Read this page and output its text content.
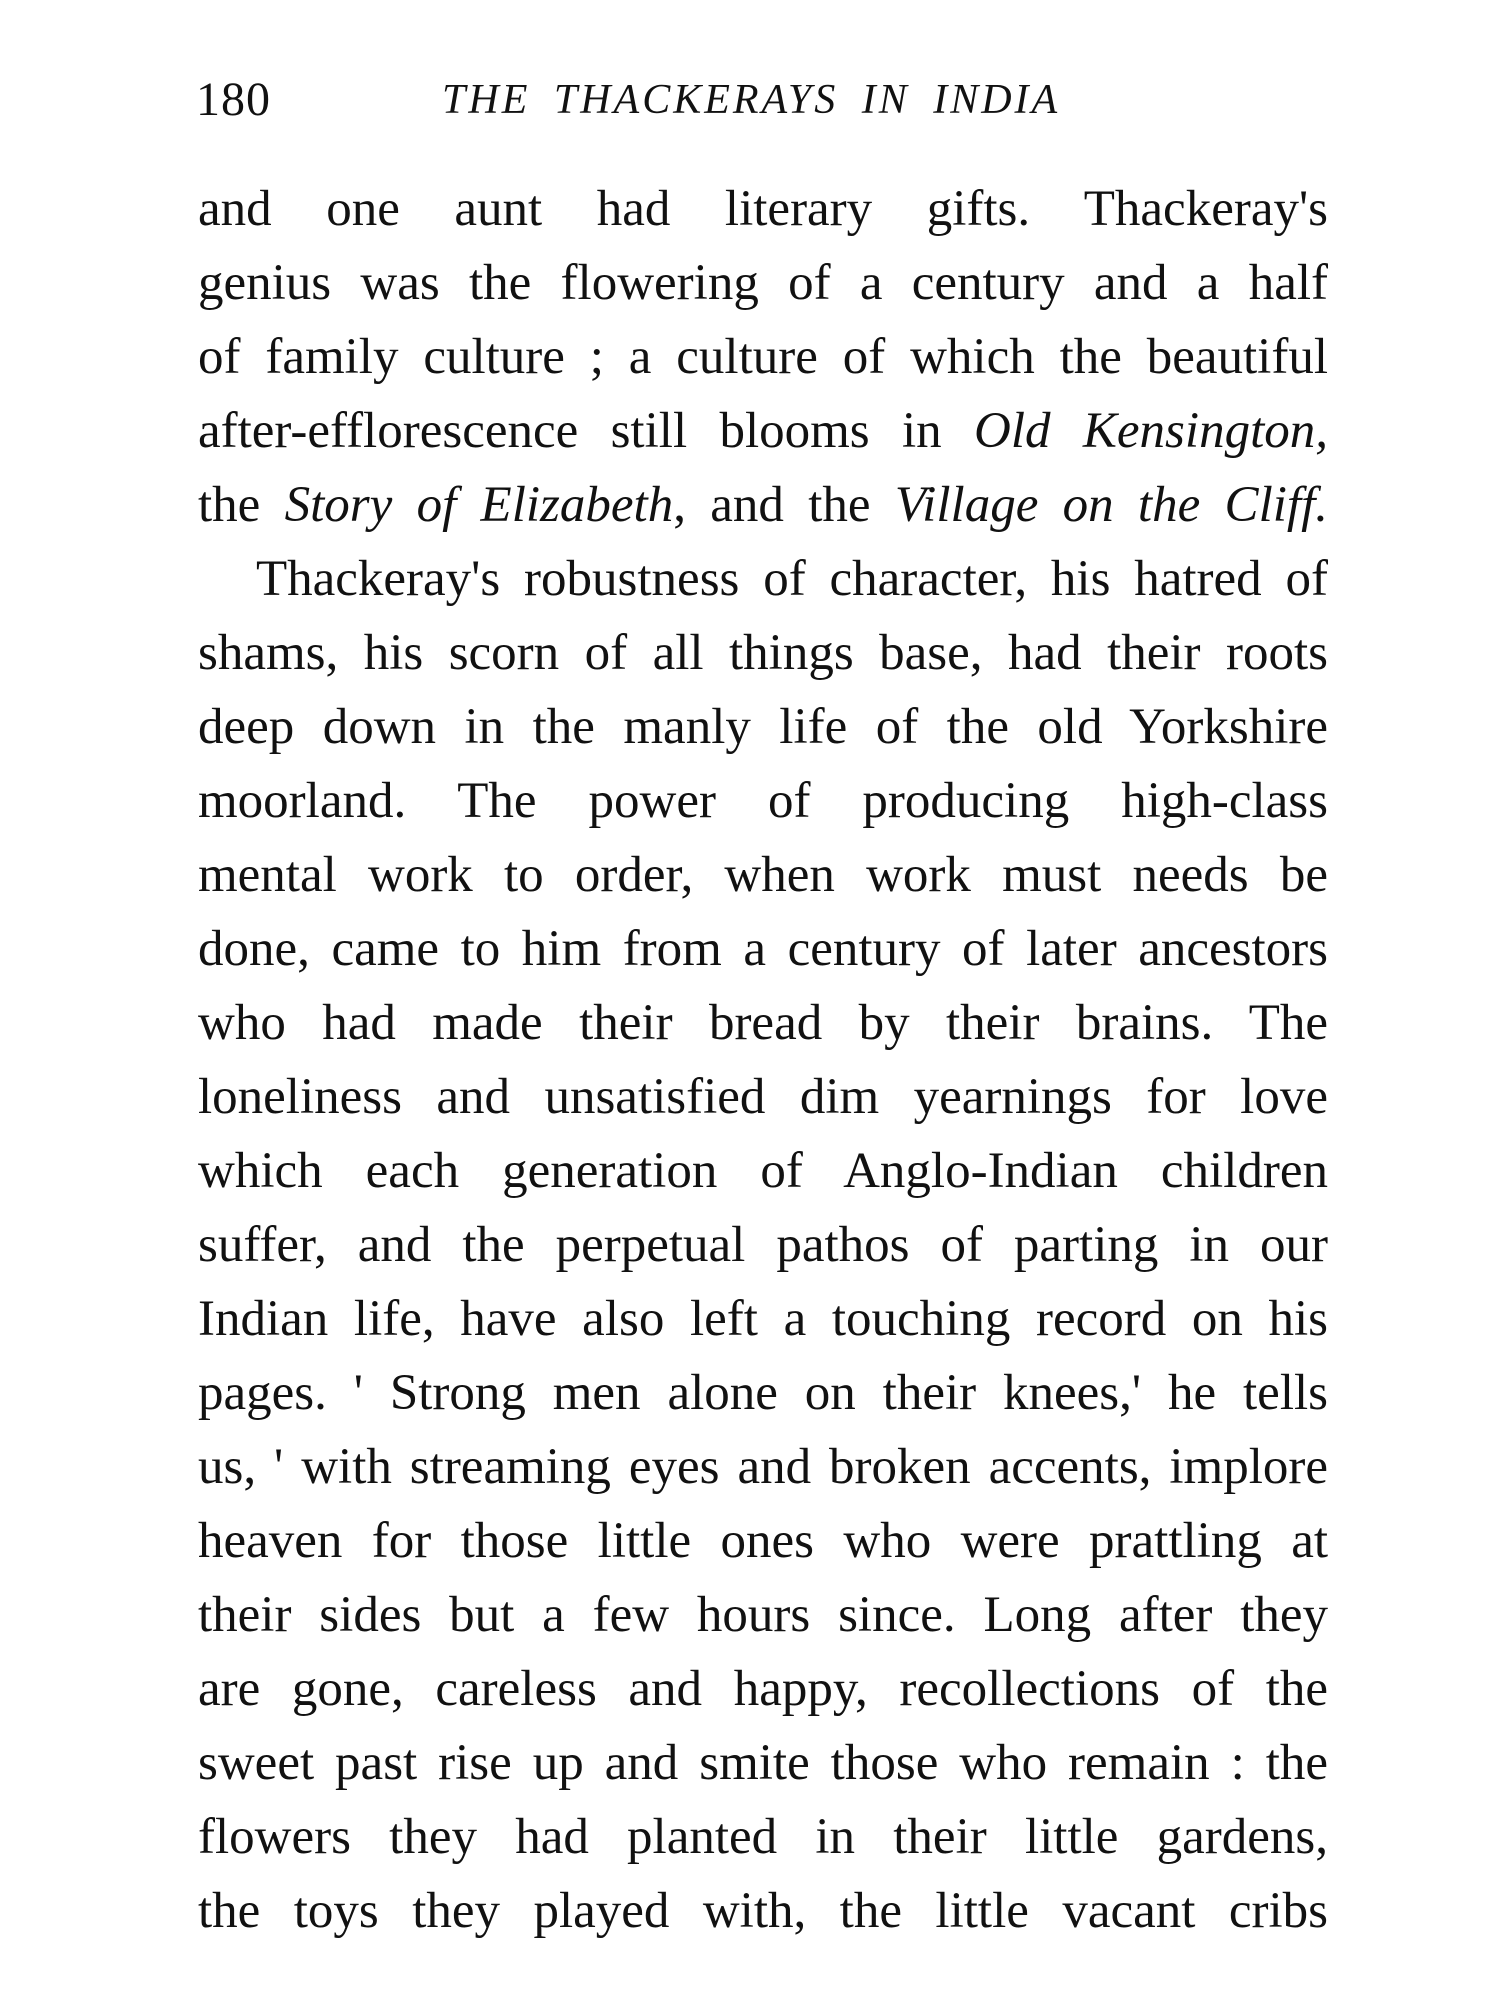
180	THE THACKERAYS IN INDIA
and one aunt had literary gifts. Thackeray's
genius was the flowering of a century and a half
of family culture ; a culture of which the beautiful
after-efflorescence still blooms in Old Kensington,
the Story of Elizabeth, and the Village on the Cliff.
Thackeray's robustness of character, his hatred of
shams, his scorn of all things base, had their roots
deep down in the manly life of the old Yorkshire
moorland. The power of producing high-class
mental work to order, when work must needs be
done, came to him from a century of later ancestors
who had made their bread by their brains. The
loneliness and unsatisfied dim yearnings for love
which each generation of Anglo-Indian children
suffer, and the perpetual pathos of parting in our
Indian life, have also left a touching record on his
pages. ' Strong men alone on their knees,' he tells
us, ' with streaming eyes and broken accents, implore
heaven for those little ones who were prattling at
their sides but a few hours since. Long after they
are gone, careless and happy, recollections of the
sweet past rise up and smite those who remain : the
flowers they had planted in their little gardens,
the toys they played with, the little vacant cribs
